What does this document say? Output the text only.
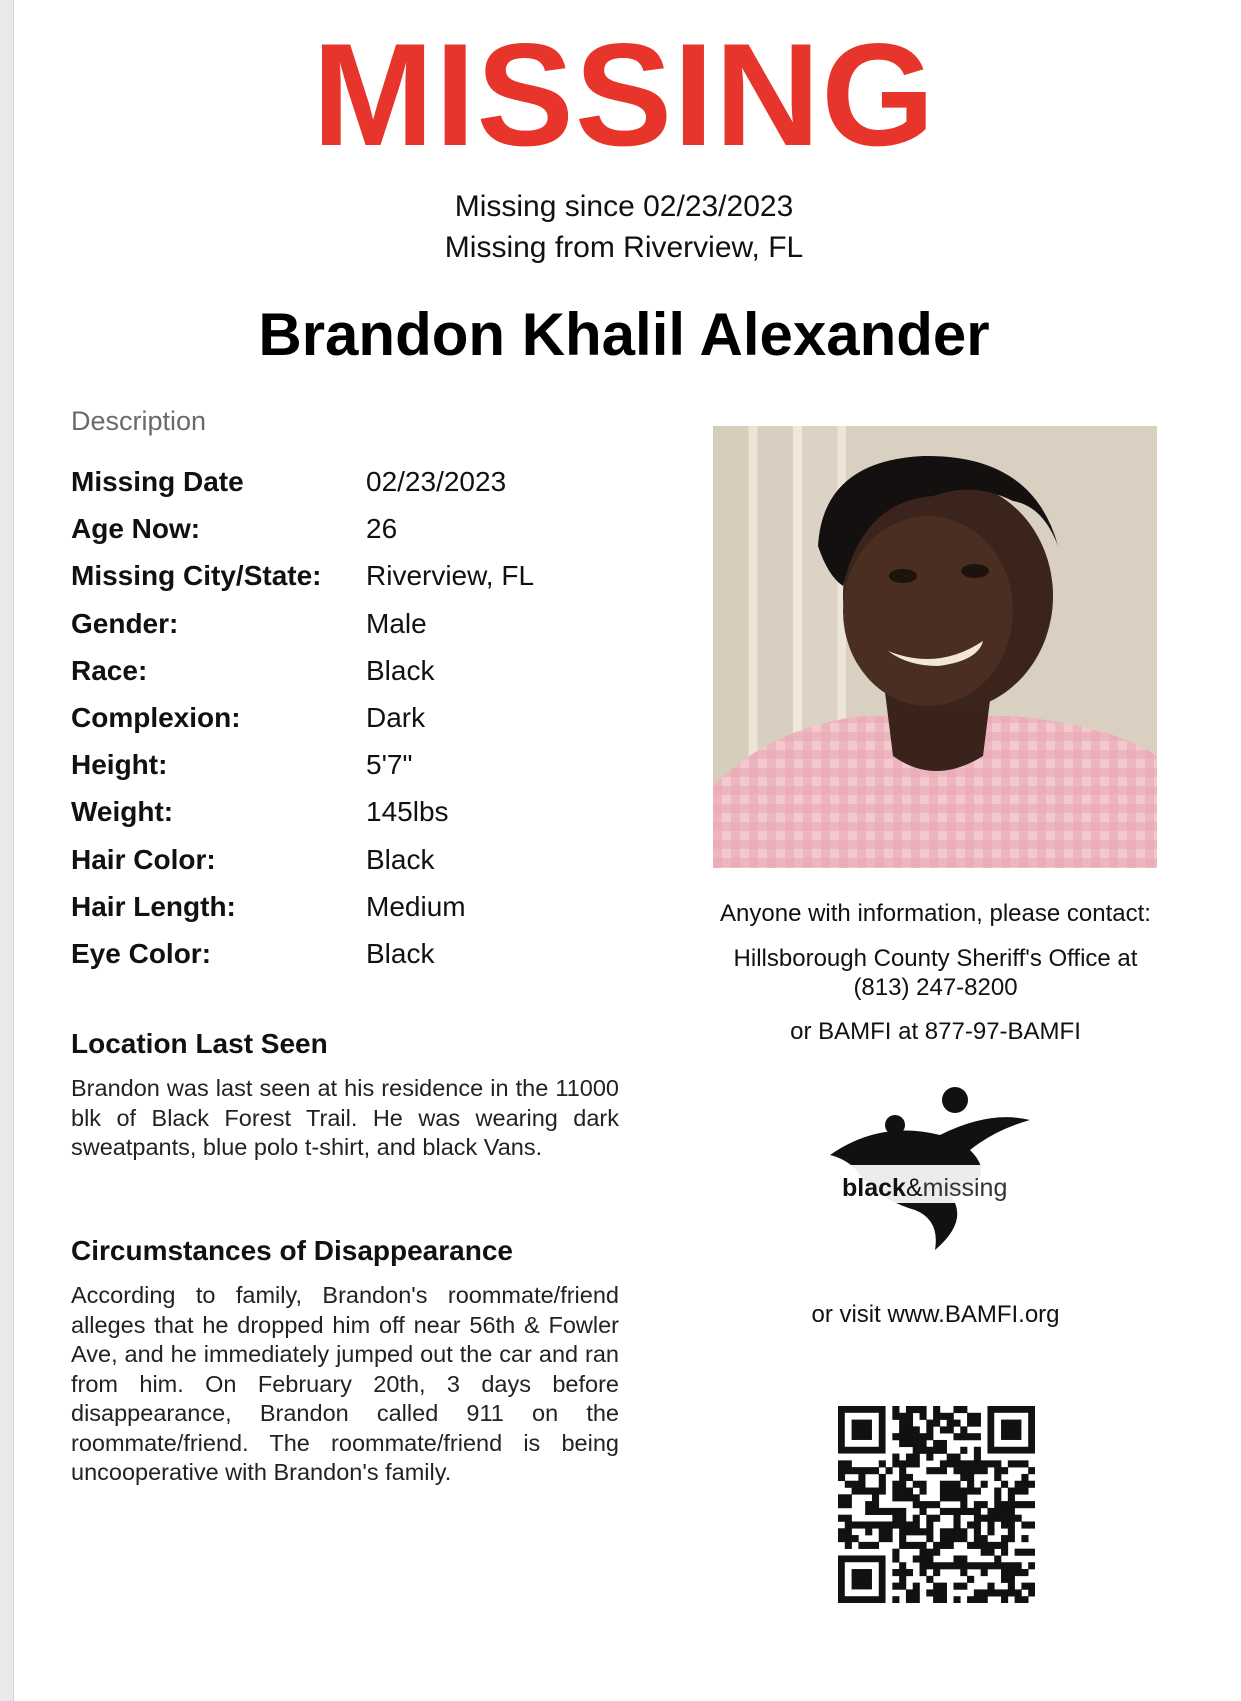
MISSING
Missing since 02/23/2023
Missing from Riverview, FL
Brandon Khalil Alexander
Description
Missing Date	02/23/2023
Age Now:	26
Missing City/State:	Riverview, FL
Gender:	Male
Race:	Black
Complexion:	Dark
Height:	5'7"
Weight:	145lbs
Hair Color:	Black
Hair Length:	Medium
Eye Color:	Black
Location Last Seen
Brandon was last seen at his residence in the 11000 blk of Black Forest Trail. He was wearing dark sweatpants, blue polo t-shirt, and black Vans.
Circumstances of Disappearance
According to family, Brandon's roommate/friend alleges that he dropped him off near 56th & Fowler Ave, and he immediately jumped out the car and ran from him. On February 20th, 3 days before disappearance, Brandon called 911 on the roommate/friend. The roommate/friend is being uncooperative with Brandon's family.
Anyone with information, please contact:
Hillsborough County Sheriff's Office at
(813) 247-8200
or BAMFI at 877-97-BAMFI
black&missing
or visit www.BAMFI.org
